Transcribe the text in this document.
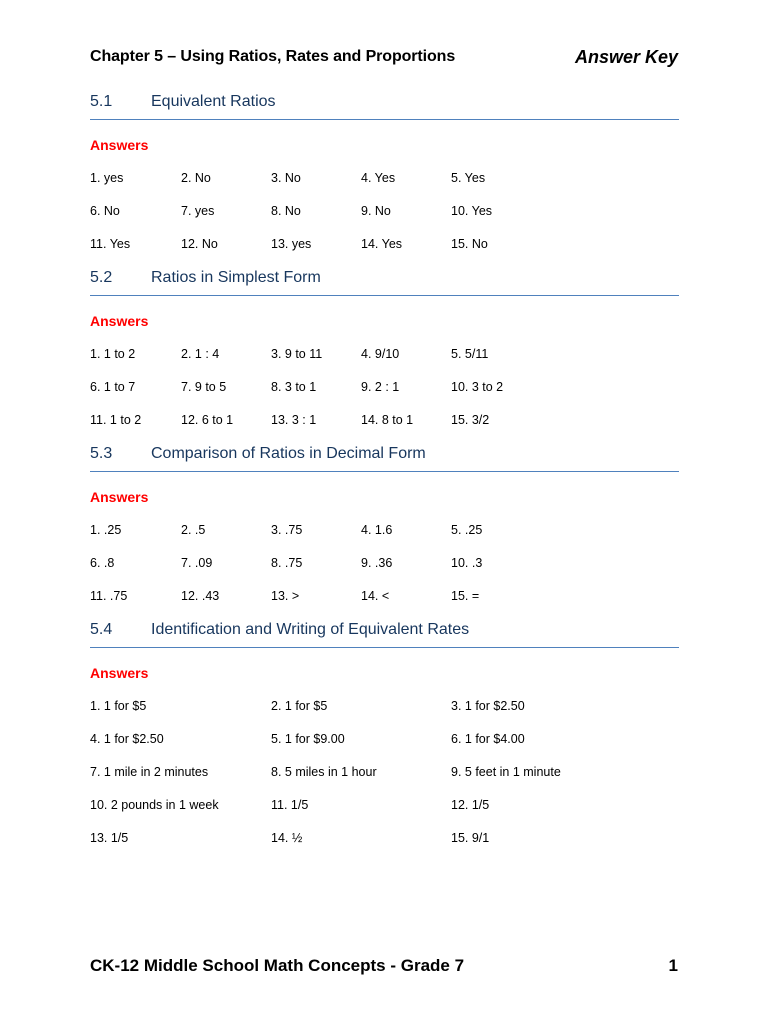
Chapter 5 – Using Ratios, Rates and Proportions	Answer Key
5.1 Equivalent Ratios
Answers
1. yes	2. No	3. No	4. Yes	5. Yes
6. No	7. yes	8. No	9. No	10. Yes
11. Yes	12. No	13. yes	14. Yes	15. No
5.2 Ratios in Simplest Form
Answers
1. 1 to 2	2. 1 : 4	3. 9 to 11	4. 9/10	5. 5/11
6. 1 to 7	7. 9 to 5	8. 3 to 1	9. 2 : 1	10. 3 to 2
11. 1 to 2	12. 6 to 1	13. 3 : 1	14. 8 to 1	15. 3/2
5.3 Comparison of Ratios in Decimal Form
Answers
1. .25	2. .5	3. .75	4. 1.6	5. .25
6. .8	7. .09	8. .75	9. .36	10. .3
11. .75	12. .43	13. >	14. <	15. =
5.4 Identification and Writing of Equivalent Rates
Answers
1. 1 for $5	2. 1 for $5	3. 1 for $2.50
4. 1 for $2.50	5. 1 for $9.00	6. 1 for $4.00
7. 1 mile in 2 minutes	8. 5 miles in 1 hour	9. 5 feet in 1 minute
10. 2 pounds in 1 week	11. 1/5	12. 1/5
13. 1/5	14. ½	15. 9/1
CK-12 Middle School Math Concepts - Grade 7	1
